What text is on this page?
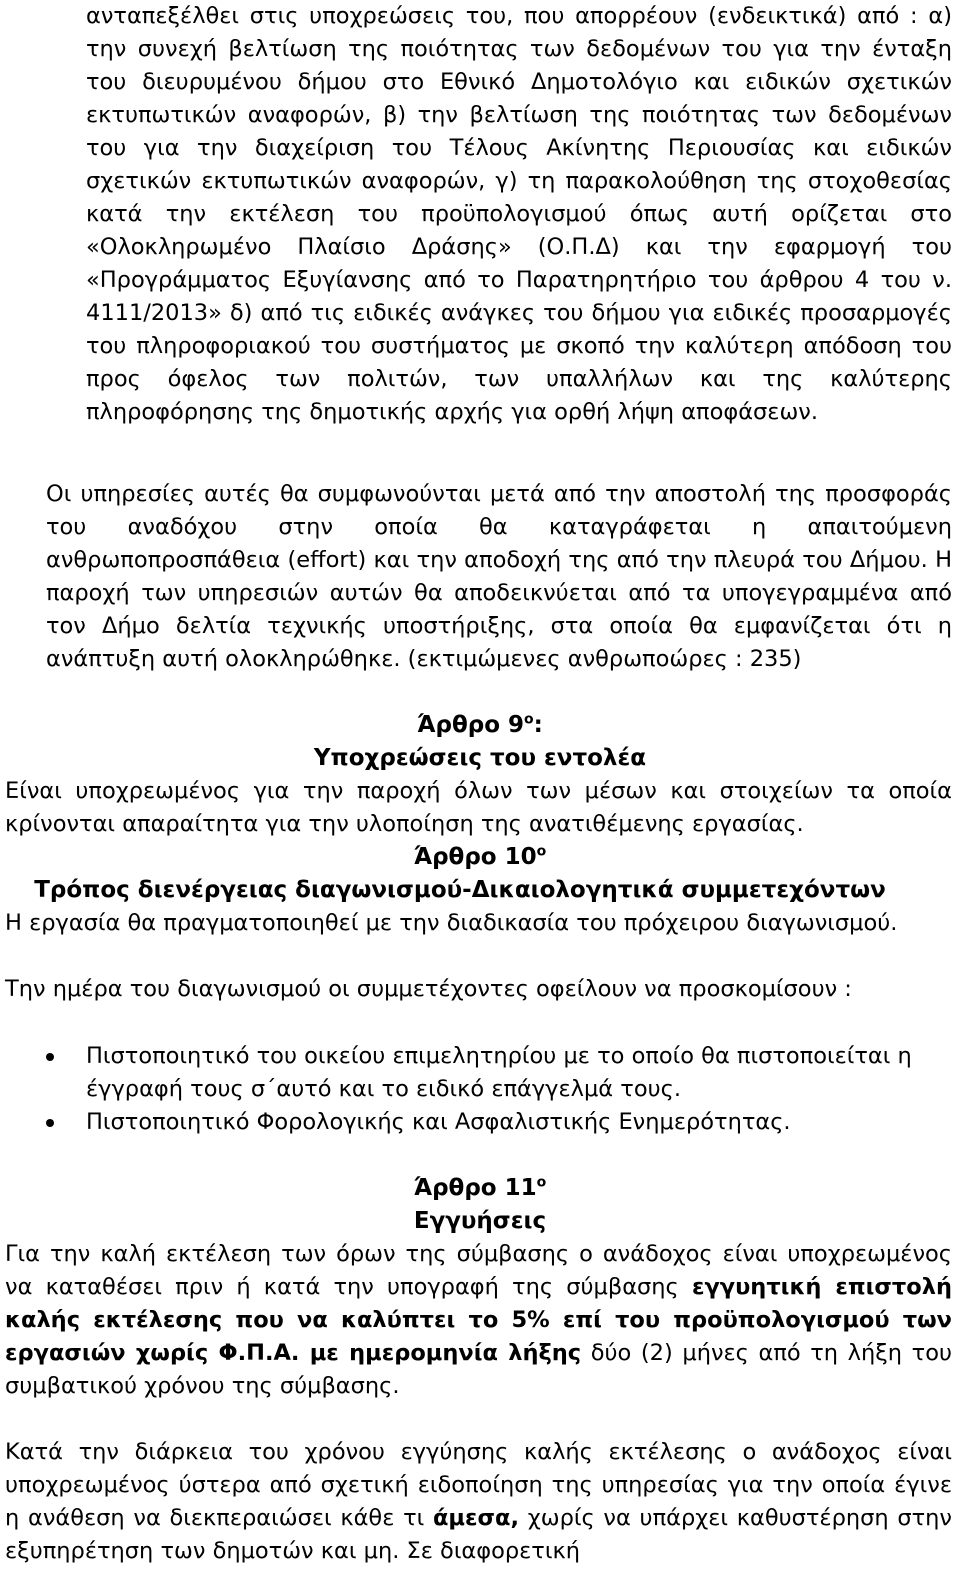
ανταπεξέλθει στις υποχρεώσεις του, που απορρέουν (ενδεικτικά) από : α) την συνεχή βελτίωση της ποιότητας των δεδομένων του για την ένταξη του διευρυμένου δήμου στο Εθνικό Δημοτολόγιο και ειδικών σχετικών εκτυπωτικών αναφορών, β) την βελτίωση της ποιότητας των δεδομένων του για την διαχείριση του Τέλους Ακίνητης Περιουσίας και ειδικών σχετικών εκτυπωτικών αναφορών, γ) τη παρακολούθηση της στοχοθεσίας κατά την εκτέλεση του προϋπολογισμού όπως αυτή ορίζεται στο «Ολοκληρωμένο Πλαίσιο Δράσης» (Ο.Π.Δ) και την εφαρμογή του «Προγράμματος Εξυγίανσης από το Παρατηρητήριο του άρθρου 4 του ν. 4111/2013» δ) από τις ειδικές ανάγκες του δήμου για ειδικές προσαρμογές του πληροφοριακού του συστήματος με σκοπό την καλύτερη απόδοση του προς όφελος των πολιτών, των υπαλλήλων και της καλύτερης πληροφόρησης της δημοτικής αρχής για ορθή λήψη αποφάσεων.

Οι υπηρεσίες αυτές θα συμφωνούνται μετά από την αποστολή της προσφοράς του αναδόχου στην οποία θα καταγράφεται η απαιτούμενη ανθρωποπροσπάθεια (effort) και την αποδοχή της από την πλευρά του Δήμου. Η παροχή των υπηρεσιών αυτών θα αποδεικνύεται από τα υπογεγραμμένα από τον Δήμο δελτία τεχνικής υποστήριξης, στα οποία θα εμφανίζεται ότι η ανάπτυξη αυτή ολοκληρώθηκε. (εκτιμώμενες ανθρωποώρες : 235)

Άρθρο $9^o$:
Υποχρεώσεις του εντολέα

Είναι υποχρεωμένος για την παροχή όλων των μέσων και στοιχείων τα οποία κρίνονται απαραίτητα για την υλοποίηση της ανατιθέμενης εργασίας.

Άρθρο $10^o$
Τρόπος διενέργειας διαγωνισμού-Δικαιολογητικά συμμετεχόντων

Η εργασία θα πραγματοποιηθεί με την διαδικασία του πρόχειρου διαγωνισμού.

Την ημέρα του διαγωνισμού οι συμμετέχοντες οφείλουν να προσκομίσουν :

Πιστοποιητικό του οικείου επιμελητηρίου με το οποίο θα πιστοποιείται η έγγραφή τους σ΄αυτό και το ειδικό επάγγελμά τους.
Πιστοποιητικό Φορολογικής και Ασφαλιστικής Ενημερότητας.
Άρθρο $11^o$
Εγγυήσεις

Για την καλή εκτέλεση των όρων της σύμβασης ο ανάδοχος είναι υποχρεωμένος να καταθέσει πριν ή κατά την υπογραφή της σύμβασης εγγυητική επιστολή καλής εκτέλεσης που να καλύπτει το 5% επί του προϋπολογισμού των εργασιών χωρίς Φ.Π.Α. με ημερομηνία λήξης δύο (2) μήνες από τη λήξη του συμβατικού χρόνου της σύμβασης.

Κατά την διάρκεια του χρόνου εγγύησης καλής εκτέλεσης ο ανάδοχος είναι υποχρεωμένος ύστερα από σχετική ειδοποίηση της υπηρεσίας για την οποία έγινε η ανάθεση να διεκπεραιώσει κάθε τι άμεσα, χωρίς να υπάρχει καθυστέρηση στην εξυπηρέτηση των δημοτών και μη. Σε διαφορετική
